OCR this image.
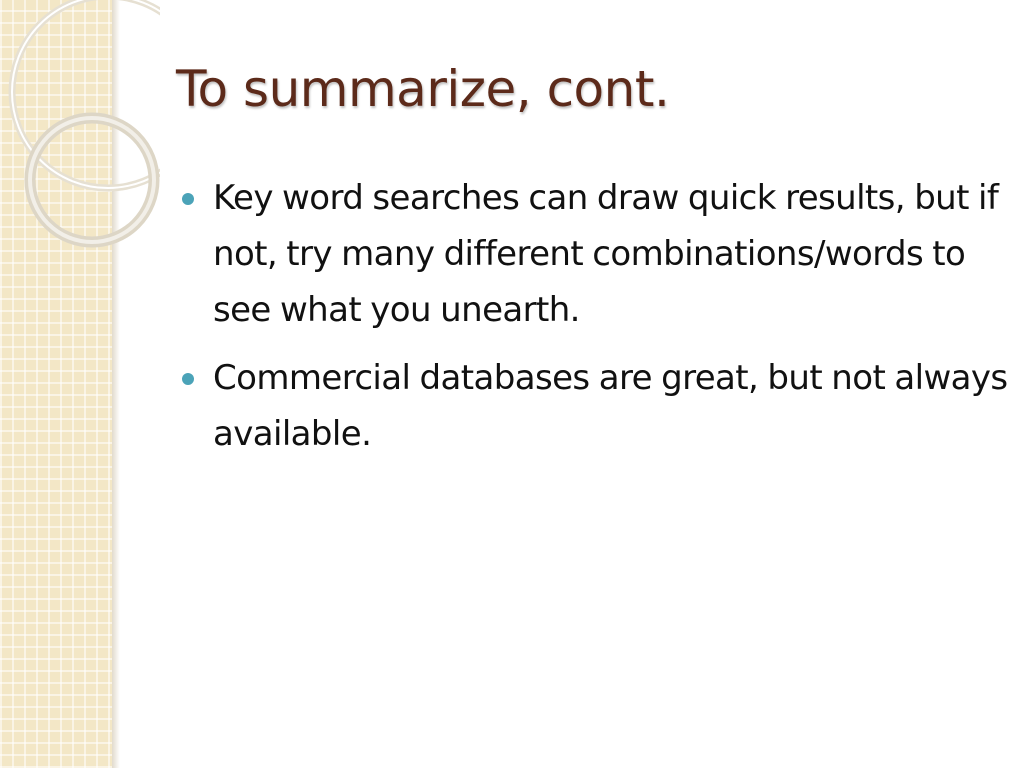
To summarize, cont.
Key word searches can draw quick results, but if not, try many different combinations/words to see what you unearth.
Commercial databases are great, but not always available.
